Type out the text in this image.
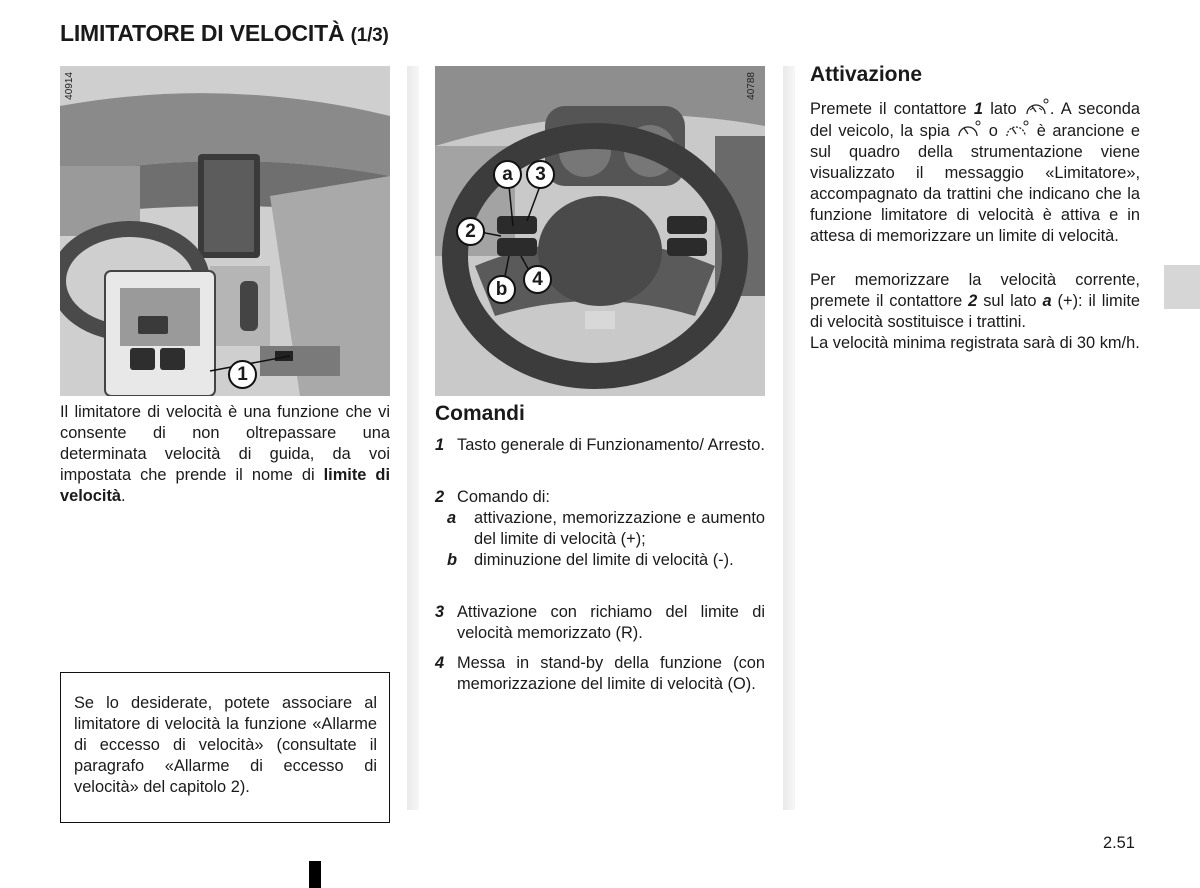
LIMITATORE DI VELOCITÀ (1/3)
40914
1
40788
a	3
2
4
b
Il limitatore di velocità è una funzione che vi consente di non oltrepassare una determinata velocità di guida, da voi impostata che prende il nome di limite di velocità.
Se lo desiderate, potete associare al limitatore di velocità la funzione «Allarme di eccesso di velocità» (consultate il paragrafo «Allarme di eccesso di velocità» del capitolo 2).
Comandi
1 Tasto generale di Funzionamento/ Arresto.
2 Comando di:
a	attivazione, memorizzazione e aumento del limite di velocità (+);
b	diminuzione del limite di velocità (-).
3 Attivazione con richiamo del limite di velocità memorizzato (R).
4 Messa in stand-by della funzione (con memorizzazione del limite di velocità (O).
Attivazione
Premete il contattore 1 lato . A seconda del veicolo, la spia  o  è arancione e sul quadro della strumentazione viene visualizzato il messaggio «Limitatore», accompagnato da trattini che indicano che la funzione limitatore di velocità è attiva e in attesa di memorizzare un limite di velocità.
Per memorizzare la velocità corrente, premete il contattore 2 sul lato a (+): il limite di velocità sostituisce i trattini.
La velocità minima registrata sarà di 30 km/h.
2.51
